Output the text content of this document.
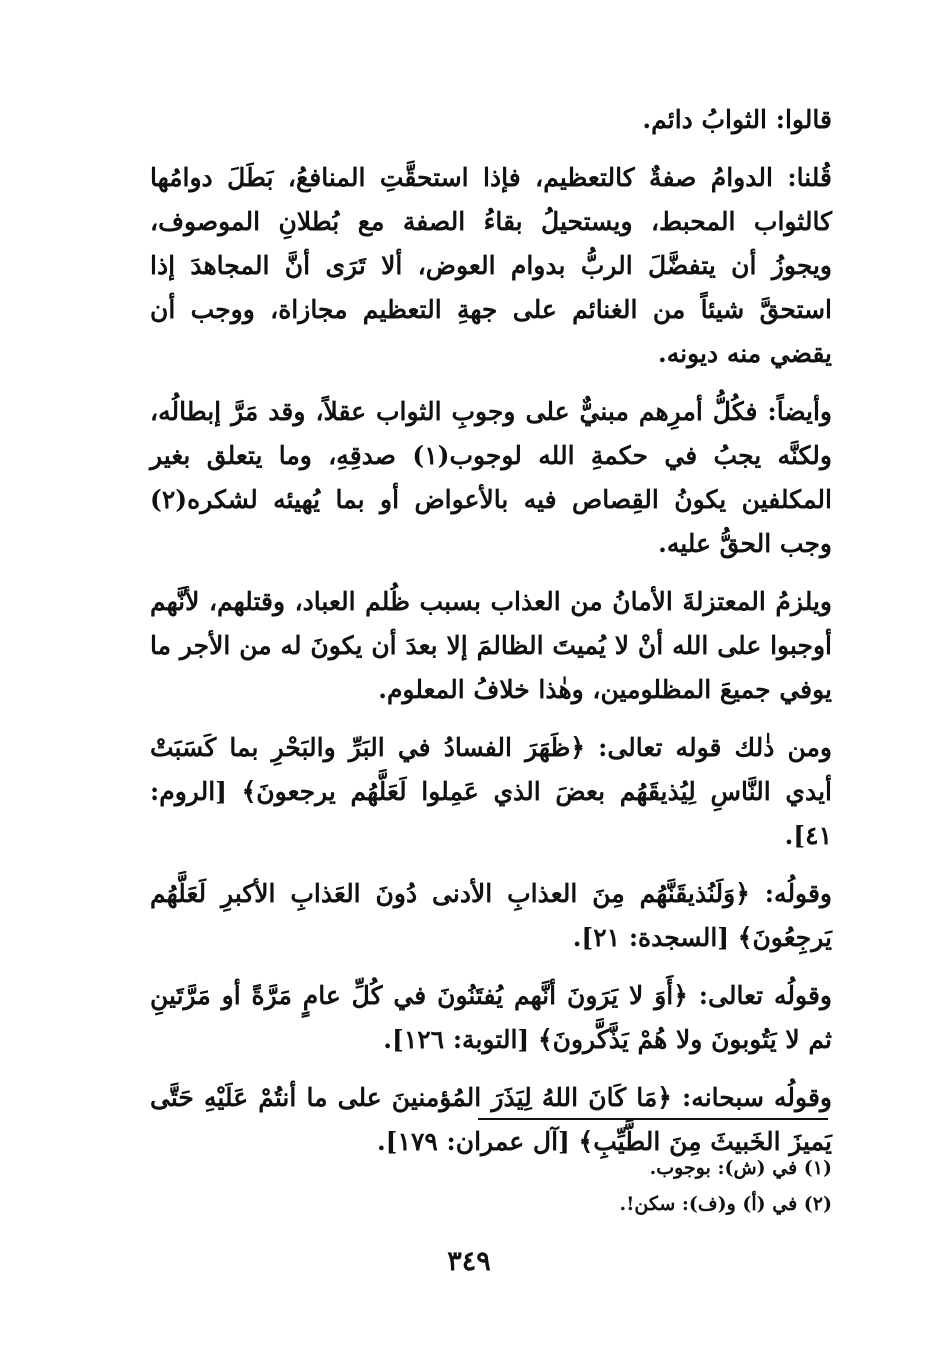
قالوا: الثوابُ دائم.

قُلنا: الدوامُ صفةٌ كالتعظيم، فإذا استحقَّتِ المنافعُ، بَطَلَ دوامُها كالثواب المحبط، ويستحيلُ بقاءُ الصفة مع بُطلانِ الموصوف، ويجوزُ أن يتفضَّلَ الربُّ بدوام العوض، ألا تَرَى أنَّ المجاهدَ إذا استحقَّ شيئاً من الغنائم على جهةِ التعظيم مجازاة، ووجب أن يقضي منه ديونه.

وأيضاً: فكُلُّ أمرِهم مبنيٌّ على وجوبِ الثواب عقلاً، وقد مَرَّ إبطالُه، ولكنَّه يجبُ في حكمةِ الله لوجوب(١) صدقِهِ، وما يتعلق بغير المكلفين يكونُ القِصاص فيه بالأعواض أو بما يُهيئه لشكره(٢) وجب الحقُّ عليه.

ويلزمُ المعتزلةَ الأمانُ من العذاب بسبب ظُلم العباد، وقتلهم، لأنَّهم أوجبوا على الله أنْ لا يُميتَ الظالمَ إلا بعدَ أن يكونَ له من الأجر ما يوفي جميعَ المظلومين، وهٰذا خلافُ المعلوم.

ومن ذٰلك قوله تعالى: ﴿ظَهَرَ الفسادُ في البَرِّ والبَحْرِ بما كَسَبَتْ أيدي النَّاسِ لِيُذيقَهُم بعضَ الذي عَمِلوا لَعَلَّهُم يرجعونَ﴾ [الروم: ٤١].

وقولُه: ﴿وَلَنُذيقَنَّهُم مِنَ العذابِ الأدنى دُونَ العَذابِ الأكبرِ لَعَلَّهُم يَرجِعُونَ﴾ [السجدة: ٢١].

وقولُه تعالى: ﴿أَوَ لا يَرَونَ أنَّهم يُفتَنُونَ في كُلِّ عامٍ مَرَّةً أو مَرَّتَينِ ثم لا يَتُوبونَ ولا هُمْ يَذَّكَّرونَ﴾ [التوبة: ١٢٦].

وقولُه سبحانه: ﴿مَا كَانَ اللهُ لِيَذَرَ المُؤمنينَ على ما أنتُمْ عَلَيْهِ حَتَّى يَميزَ الخَبيثَ مِنَ الطَّيِّبِ﴾ [آل عمران: ١٧٩].

(١) في (ش): بوجوب.

(٢) في (أ) و(ف): سكن!.

٣٤٩
